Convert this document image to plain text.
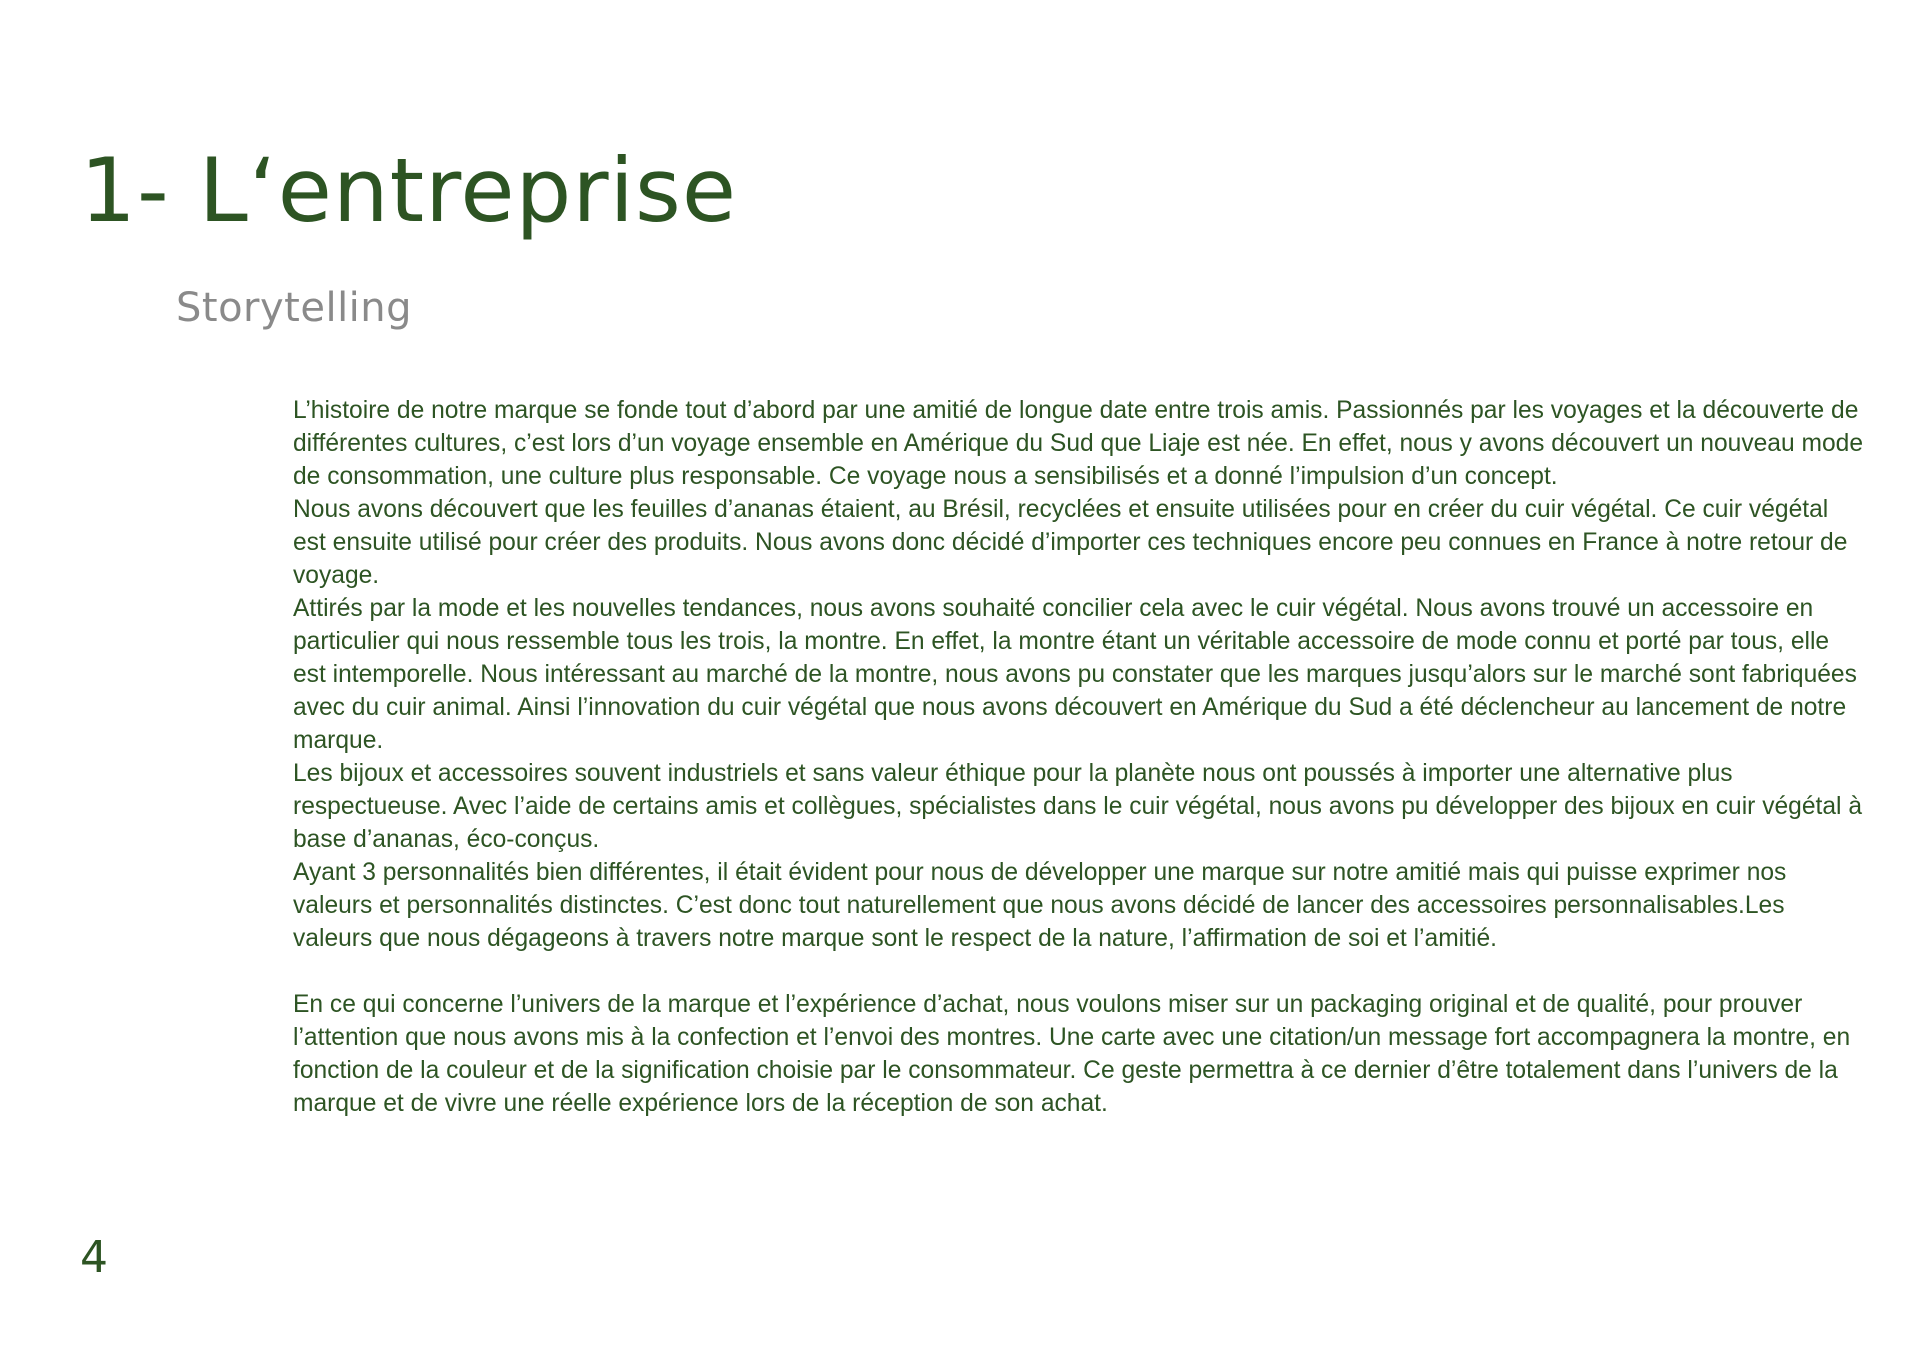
1- L‘entreprise
Storytelling

L’histoire de notre marque se fonde tout d’abord par une amitié de longue date entre trois amis. Passionnés par les voyages et la découverte de différentes cultures, c’est lors d’un voyage ensemble en Amérique du Sud que Liaje est née. En effet, nous y avons découvert un nouveau mode de consommation, une culture plus responsable. Ce voyage nous a sensibilisés et a donné l’impulsion d’un concept.

Nous avons découvert que les feuilles d’ananas étaient, au Brésil, recyclées et ensuite utilisées pour en créer du cuir végétal. Ce cuir végétal est ensuite utilisé pour créer des produits. Nous avons donc décidé d’importer ces techniques encore peu connues en France à notre retour de voyage.

Attirés par la mode et les nouvelles tendances, nous avons souhaité concilier cela avec le cuir végétal. Nous avons trouvé un accessoire en particulier qui nous ressemble tous les trois, la montre. En effet, la montre étant un véritable accessoire de mode connu et porté par tous, elle est intemporelle. Nous intéressant au marché de la montre, nous avons pu constater que les marques jusqu’alors sur le marché sont fabriquées avec du cuir animal. Ainsi l’innovation du cuir végétal que nous avons découvert en Amérique du Sud a été déclencheur au lancement de notre marque.

Les bijoux et accessoires souvent industriels et sans valeur éthique pour la planète nous ont poussés à importer une alternative plus respectueuse. Avec l’aide de certains amis et collègues, spécialistes dans le cuir végétal, nous avons pu développer des bijoux en cuir végétal à base d’ananas, éco-conçus.

Ayant 3 personnalités bien différentes, il était évident pour nous de développer une marque sur notre amitié mais qui puisse exprimer nos valeurs et personnalités distinctes. C’est donc tout naturellement que nous avons décidé de lancer des accessoires personnalisables.Les valeurs que nous dégageons à travers notre marque sont le respect de la nature, l’affirmation de soi et l’amitié.

En ce qui concerne l’univers de la marque et l’expérience d’achat, nous voulons miser sur un packaging original et de qualité, pour prouver l’attention que nous avons mis à la confection et l’envoi des montres. Une carte avec une citation/un message fort accompagnera la montre, en fonction de la couleur et de la signification choisie par le consommateur. Ce geste permettra à ce dernier d’être totalement dans l’univers de la marque et de vivre une réelle expérience lors de la réception de son achat.

4
